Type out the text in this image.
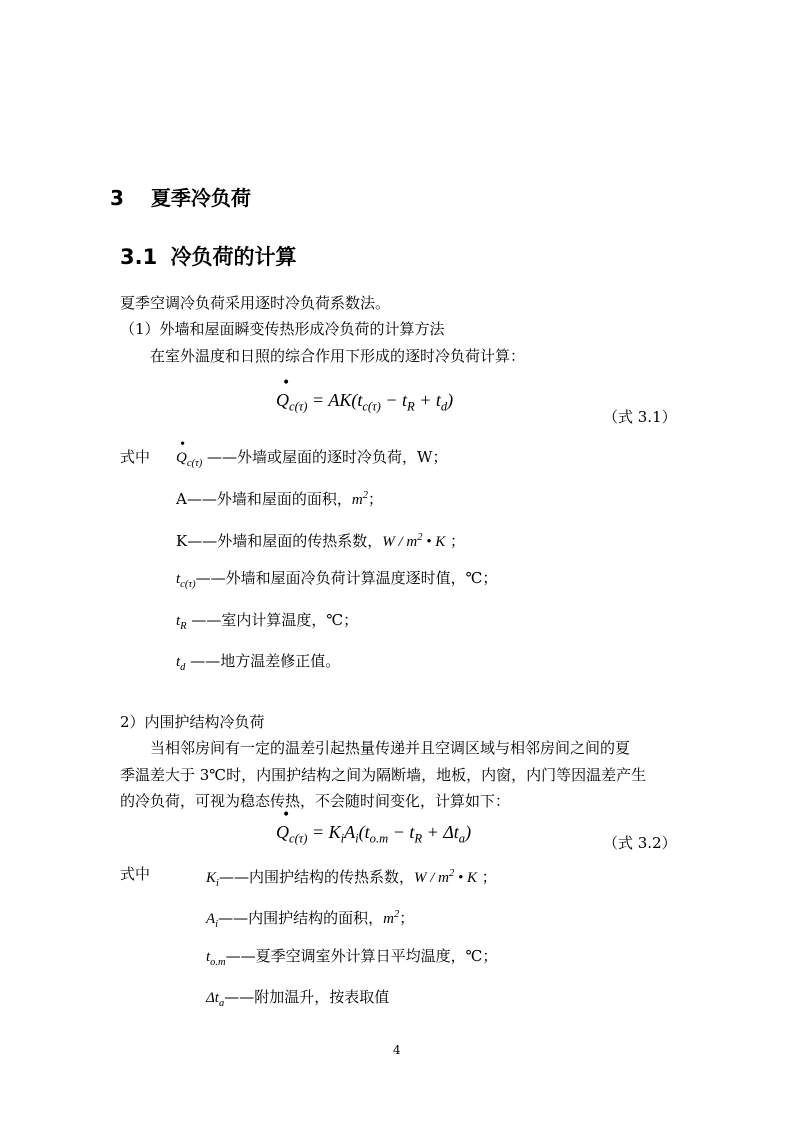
3 夏季冷负荷
3.1 冷负荷的计算
夏季空调冷负荷采用逐时冷负荷系数法。
（1）外墙和屋面瞬变传热形成冷负荷的计算方法
在室外温度和日照的综合作用下形成的逐时冷负荷计算：
•
$Q_{c(\tau)} = AK(t_{c(\tau)} - t_R + t_d)$
（式 3.1）
式中
•
$Q_{c(\tau)}$ ——外墙或屋面的逐时冷负荷，W；
A——外墙和屋面的面积，$m^2$；
K——外墙和屋面的传热系数，W / $m^2$ • K ；
$t_{c(\tau)}——$外墙和屋面冷负荷计算温度逐时值，℃；
$t_R$ ——室内计算温度，℃；
$t_d$ ——地方温差修正值。
2）内围护结构冷负荷
当相邻房间有一定的温差引起热量传递并且空调区域与相邻房间之间的夏
季温差大于 3℃时，内围护结构之间为隔断墙，地板，内窗，内门等因温差产生
的冷负荷，可视为稳态传热，不会随时间变化，计算如下：
•
$Q_{c(\tau)} = K_iA_i(t_{o.m} - t_R + \Delta t_a)$
（式 3.2）
式中	$K_i——$内围护结构的传热系数，W / $m^2$ • K ；
$A_i——$内围护结构的面积，$m^2$；
$t_{o.m}——$夏季空调室外计算日平均温度，℃；
$\Delta t_a——$附加温升，按表取值
4
